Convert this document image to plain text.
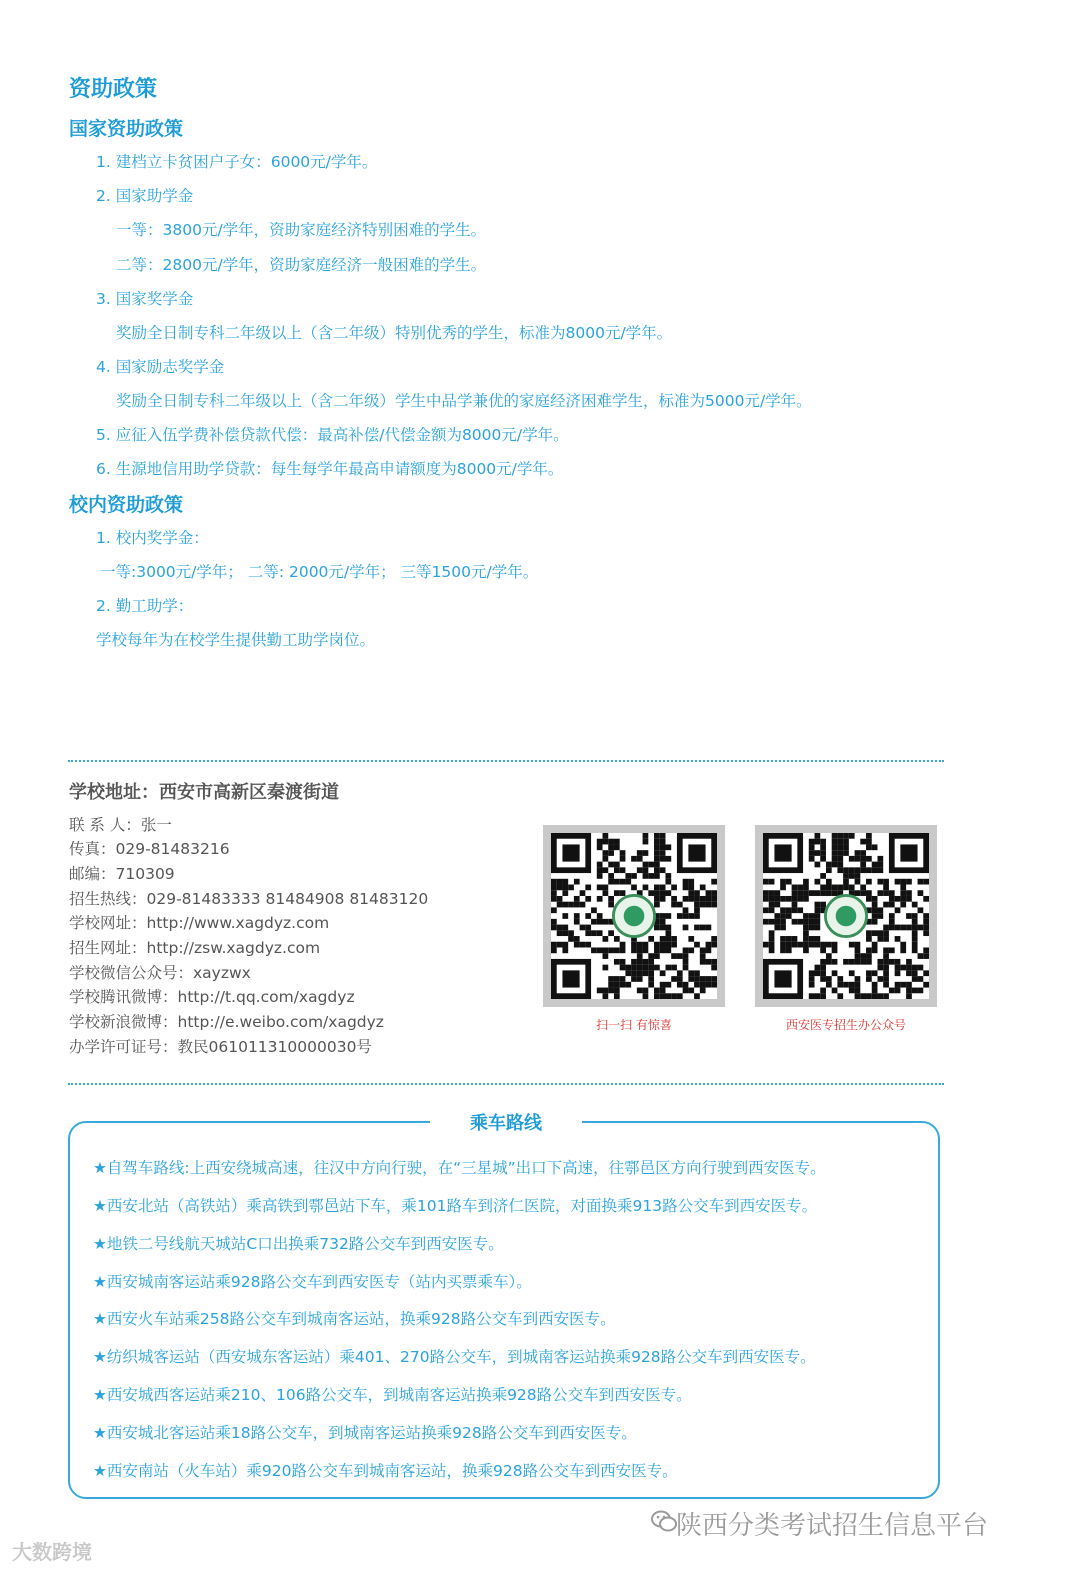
资助政策
国家资助政策
1. 建档立卡贫困户子女：6000元/学年。
2. 国家助学金
一等：3800元/学年，资助家庭经济特别困难的学生。
二等：2800元/学年，资助家庭经济一般困难的学生。
3. 国家奖学金
奖励全日制专科二年级以上（含二年级）特别优秀的学生，标准为8000元/学年。
4. 国家励志奖学金
奖励全日制专科二年级以上（含二年级）学生中品学兼优的家庭经济困难学生，标准为5000元/学年。
5. 应征入伍学费补偿贷款代偿：最高补偿/代偿金额为8000元/学年。
6. 生源地信用助学贷款：每生每学年最高申请额度为8000元/学年。
校内资助政策
1. 校内奖学金：
一等:3000元/学年； 二等: 2000元/学年； 三等1500元/学年。
2. 勤工助学：
学校每年为在校学生提供勤工助学岗位。
学校地址：西安市高新区秦渡街道
联 系 人：张一
传真：029-81483216
邮编：710309
招生热线：029-81483333 81484908 81483120
学校网址：http://www.xagdyz.com
招生网址：http://zsw.xagdyz.com
学校微信公众号：xayzwx
学校腾讯微博：http://t.qq.com/xagdyz
学校新浪微博：http://e.weibo.com/xagdyz
办学许可证号：教民061011310000030号
扫一扫 有惊喜	西安医专招生办公众号
乘车路线
★自驾车路线:上西安绕城高速，往汉中方向行驶，在“三星城”出口下高速，往鄠邑区方向行驶到西安医专。
★西安北站（高铁站）乘高铁到鄠邑站下车，乘101路车到济仁医院，对面换乘913路公交车到西安医专。
★地铁二号线航天城站C口出换乘732路公交车到西安医专。
★西安城南客运站乘928路公交车到西安医专（站内买票乘车）。
★西安火车站乘258路公交车到城南客运站，换乘928路公交车到西安医专。
★纺织城客运站（西安城东客运站）乘401、270路公交车，到城南客运站换乘928路公交车到西安医专。
★西安城西客运站乘210、106路公交车，到城南客运站换乘928路公交车到西安医专。
★西安城北客运站乘18路公交车，到城南客运站换乘928路公交车到西安医专。
★西安南站（火车站）乘920路公交车到城南客运站，换乘928路公交车到西安医专。
大数跨境
陕西分类考试招生信息平台
